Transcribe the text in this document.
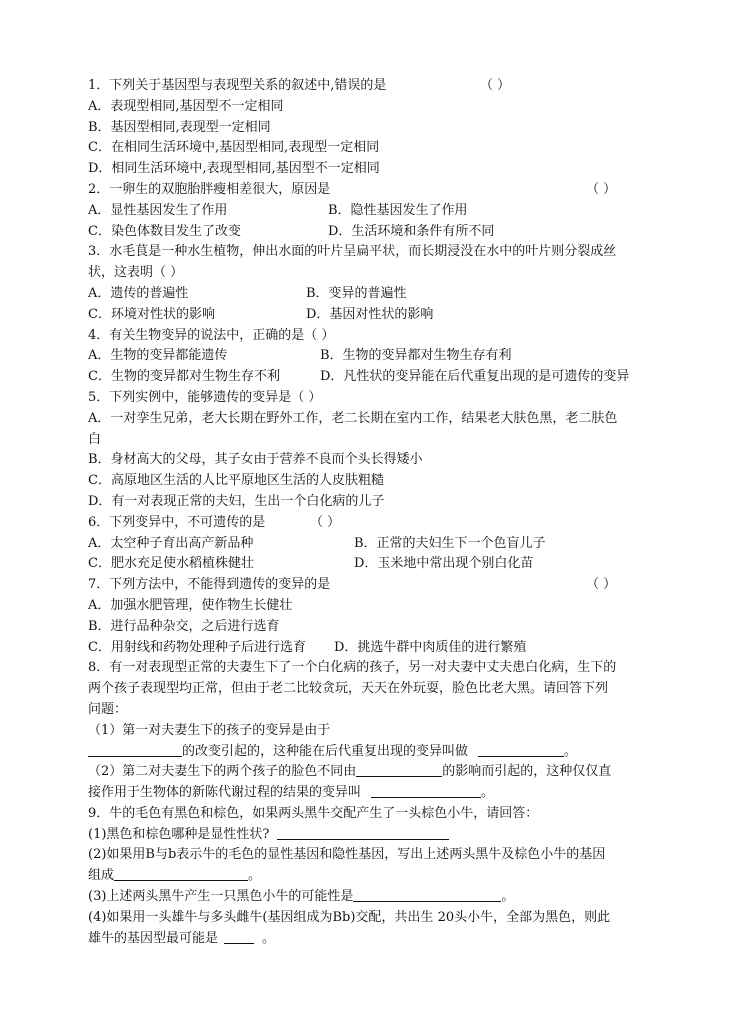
1．下列关于基因型与表现型关系的叙述中,错误的是	（ ）
A．表现型相同,基因型不一定相同
B．基因型相同,表现型一定相同
C．在相同生活环境中,基因型相同,表现型一定相同
D．相同生活环境中,表现型相同,基因型不一定相同
2．一卵生的双胞胎胖瘦相差很大，原因是	（ ）
A．显性基因发生了作用	B．隐性基因发生了作用
C．染色体数目发生了改变	D．生活环境和条件有所不同
3．水毛茛是一种水生植物，伸出水面的叶片呈扁平状，而长期浸没在水中的叶片则分裂成丝
状，这表明（ ）
A．遗传的普遍性	B．变异的普遍性
C．环境对性状的影响	D．基因对性状的影响
4．有关生物变异的说法中，正确的是（ ）
A．生物的变异都能遗传	B．生物的变异都对生物生存有利
C．生物的变异都对生物生存不利	D．凡性状的变异能在后代重复出现的是可遗传的变异
5．下列实例中，能够遗传的变异是（ ）
A．一对孪生兄弟，老大长期在野外工作，老二长期在室内工作，结果老大肤色黑，老二肤色
白
B．身材高大的父母，其子女由于营养不良而个头长得矮小
C．高原地区生活的人比平原地区生活的人皮肤粗糙
D．有一对表现正常的夫妇，生出一个白化病的儿子
6．下列变异中，不可遗传的是	（ ）
A．太空种子育出高产新品种	B．正常的夫妇生下一个色盲儿子
C．肥水充足使水稻植株健壮	D．玉米地中常出现个别白化苗
7．下列方法中，不能得到遗传的变异的是	（ ）
A．加强水肥管理，使作物生长健壮
B．进行品种杂交，之后进行选育
C．用射线和药物处理种子后进行选育 D．挑选牛群中肉质佳的进行繁殖
8．有一对表现型正常的夫妻生下了一个白化病的孩子，另一对夫妻中丈夫患白化病，生下的
两个孩子表现型均正常，但由于老二比较贪玩，天天在外玩耍，脸色比老大黑。请回答下列
问题：
（1）第一对夫妻生下的孩子的变异是由于
的改变引起的，这种能在后代重复出现的变异叫做	。
（2）第二对夫妻生下的两个孩子的脸色不同由	的影响而引起的，这种仅仅直
接作用于生物体的新陈代谢过程的结果的变异叫	。
9．牛的毛色有黑色和棕色，如果两头黑牛交配产生了一头棕色小牛，请回答：
(1)黑色和棕色哪种是显性性状?
(2)如果用B与b表示牛的毛色的显性基因和隐性基因，写出上述两头黑牛及棕色小牛的基因
组成	。
(3)上述两头黑牛产生一只黑色小牛的可能性是	。
(4)如果用一头雄牛与多头雌牛(基因组成为Bb)交配，共出生 20头小牛，全部为黑色，则此
雄牛的基因型最可能是	。
